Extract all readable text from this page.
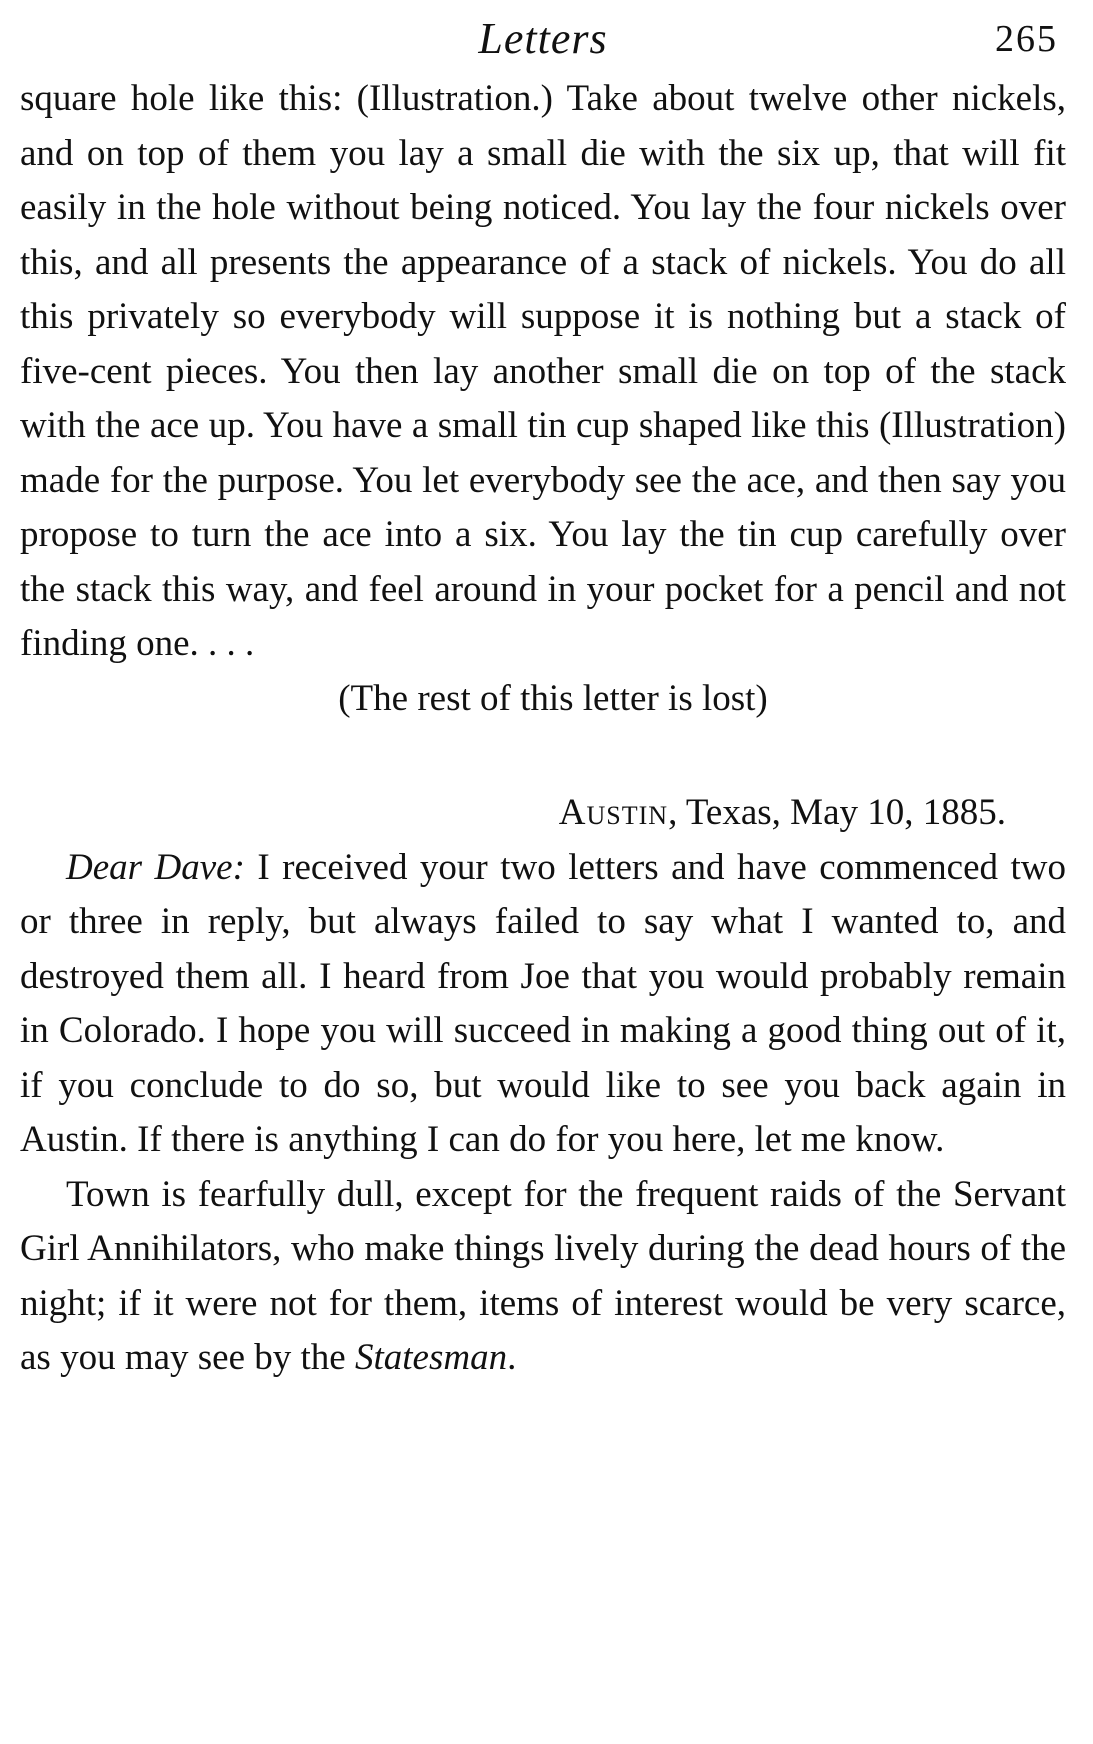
Letters	265

square hole like this: (Illustration.) Take about twelve other nickels, and on top of them you lay a small die with the six up, that will fit easily in the hole without being noticed. You lay the four nickels over this, and all presents the appearance of a stack of nickels. You do all this privately so everybody will suppose it is nothing but a stack of five-cent pieces. You then lay another small die on top of the stack with the ace up. You have a small tin cup shaped like this (Illustration) made for the purpose. You let everybody see the ace, and then say you propose to turn the ace into a six. You lay the tin cup carefully over the stack this way, and feel around in your pocket for a pencil and not finding one. . . .

(The rest of this letter is lost)

Austin, Texas, May 10, 1885.

Dear Dave: I received your two letters and have commenced two or three in reply, but always failed to say what I wanted to, and destroyed them all. I heard from Joe that you would probably remain in Colorado. I hope you will succeed in making a good thing out of it, if you conclude to do so, but would like to see you back again in Austin. If there is anything I can do for you here, let me know.

Town is fearfully dull, except for the frequent raids of the Servant Girl Annihilators, who make things lively during the dead hours of the night; if it were not for them, items of interest would be very scarce, as you may see by the Statesman.
